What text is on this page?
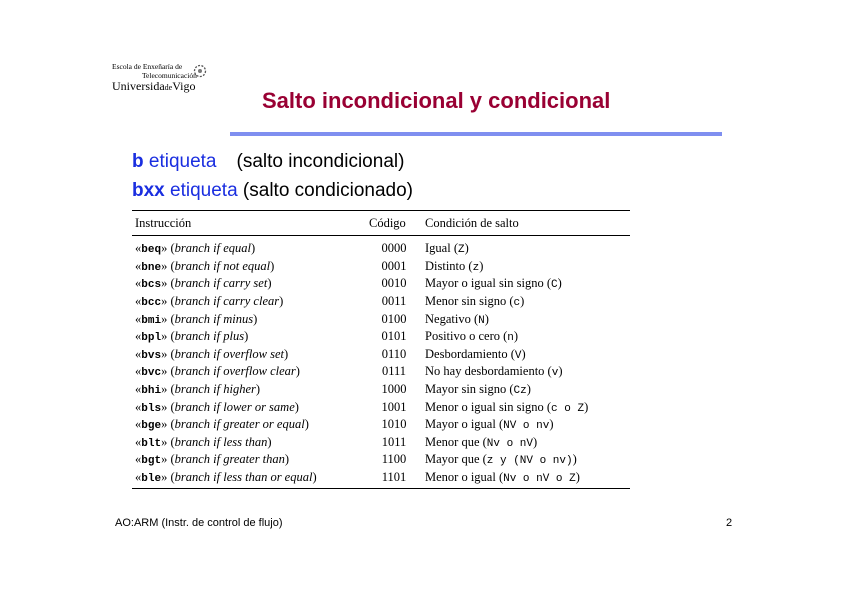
Escola de Enxeñaría de
Telecomunicación
UniversidadeVigo
Salto incondicional y condicional
b etiqueta (salto incondicional)
bxx etiqueta (salto condicionado)
Instrucción	Código	Condición de salto
«beq» (branch if equal)	0000	Igual (Z)
«bne» (branch if not equal)	0001	Distinto (z)
«bcs» (branch if carry set)	0010	Mayor o igual sin signo (C)
«bcc» (branch if carry clear)	0011	Menor sin signo (c)
«bmi» (branch if minus)	0100	Negativo (N)
«bpl» (branch if plus)	0101	Positivo o cero (n)
«bvs» (branch if overflow set)	0110	Desbordamiento (V)
«bvc» (branch if overflow clear)	0111	No hay desbordamiento (v)
«bhi» (branch if higher)	1000	Mayor sin signo (Cz)
«bls» (branch if lower or same)	1001	Menor o igual sin signo (c o Z)
«bge» (branch if greater or equal)	1010	Mayor o igual (NV o nv)
«blt» (branch if less than)	1011	Menor que (Nv o nV)
«bgt» (branch if greater than)	1100	Mayor que (z y (NV o nv))
«ble» (branch if less than or equal)	1101	Menor o igual (Nv o nV o Z)
AO:ARM (Instr. de control de flujo)	2
